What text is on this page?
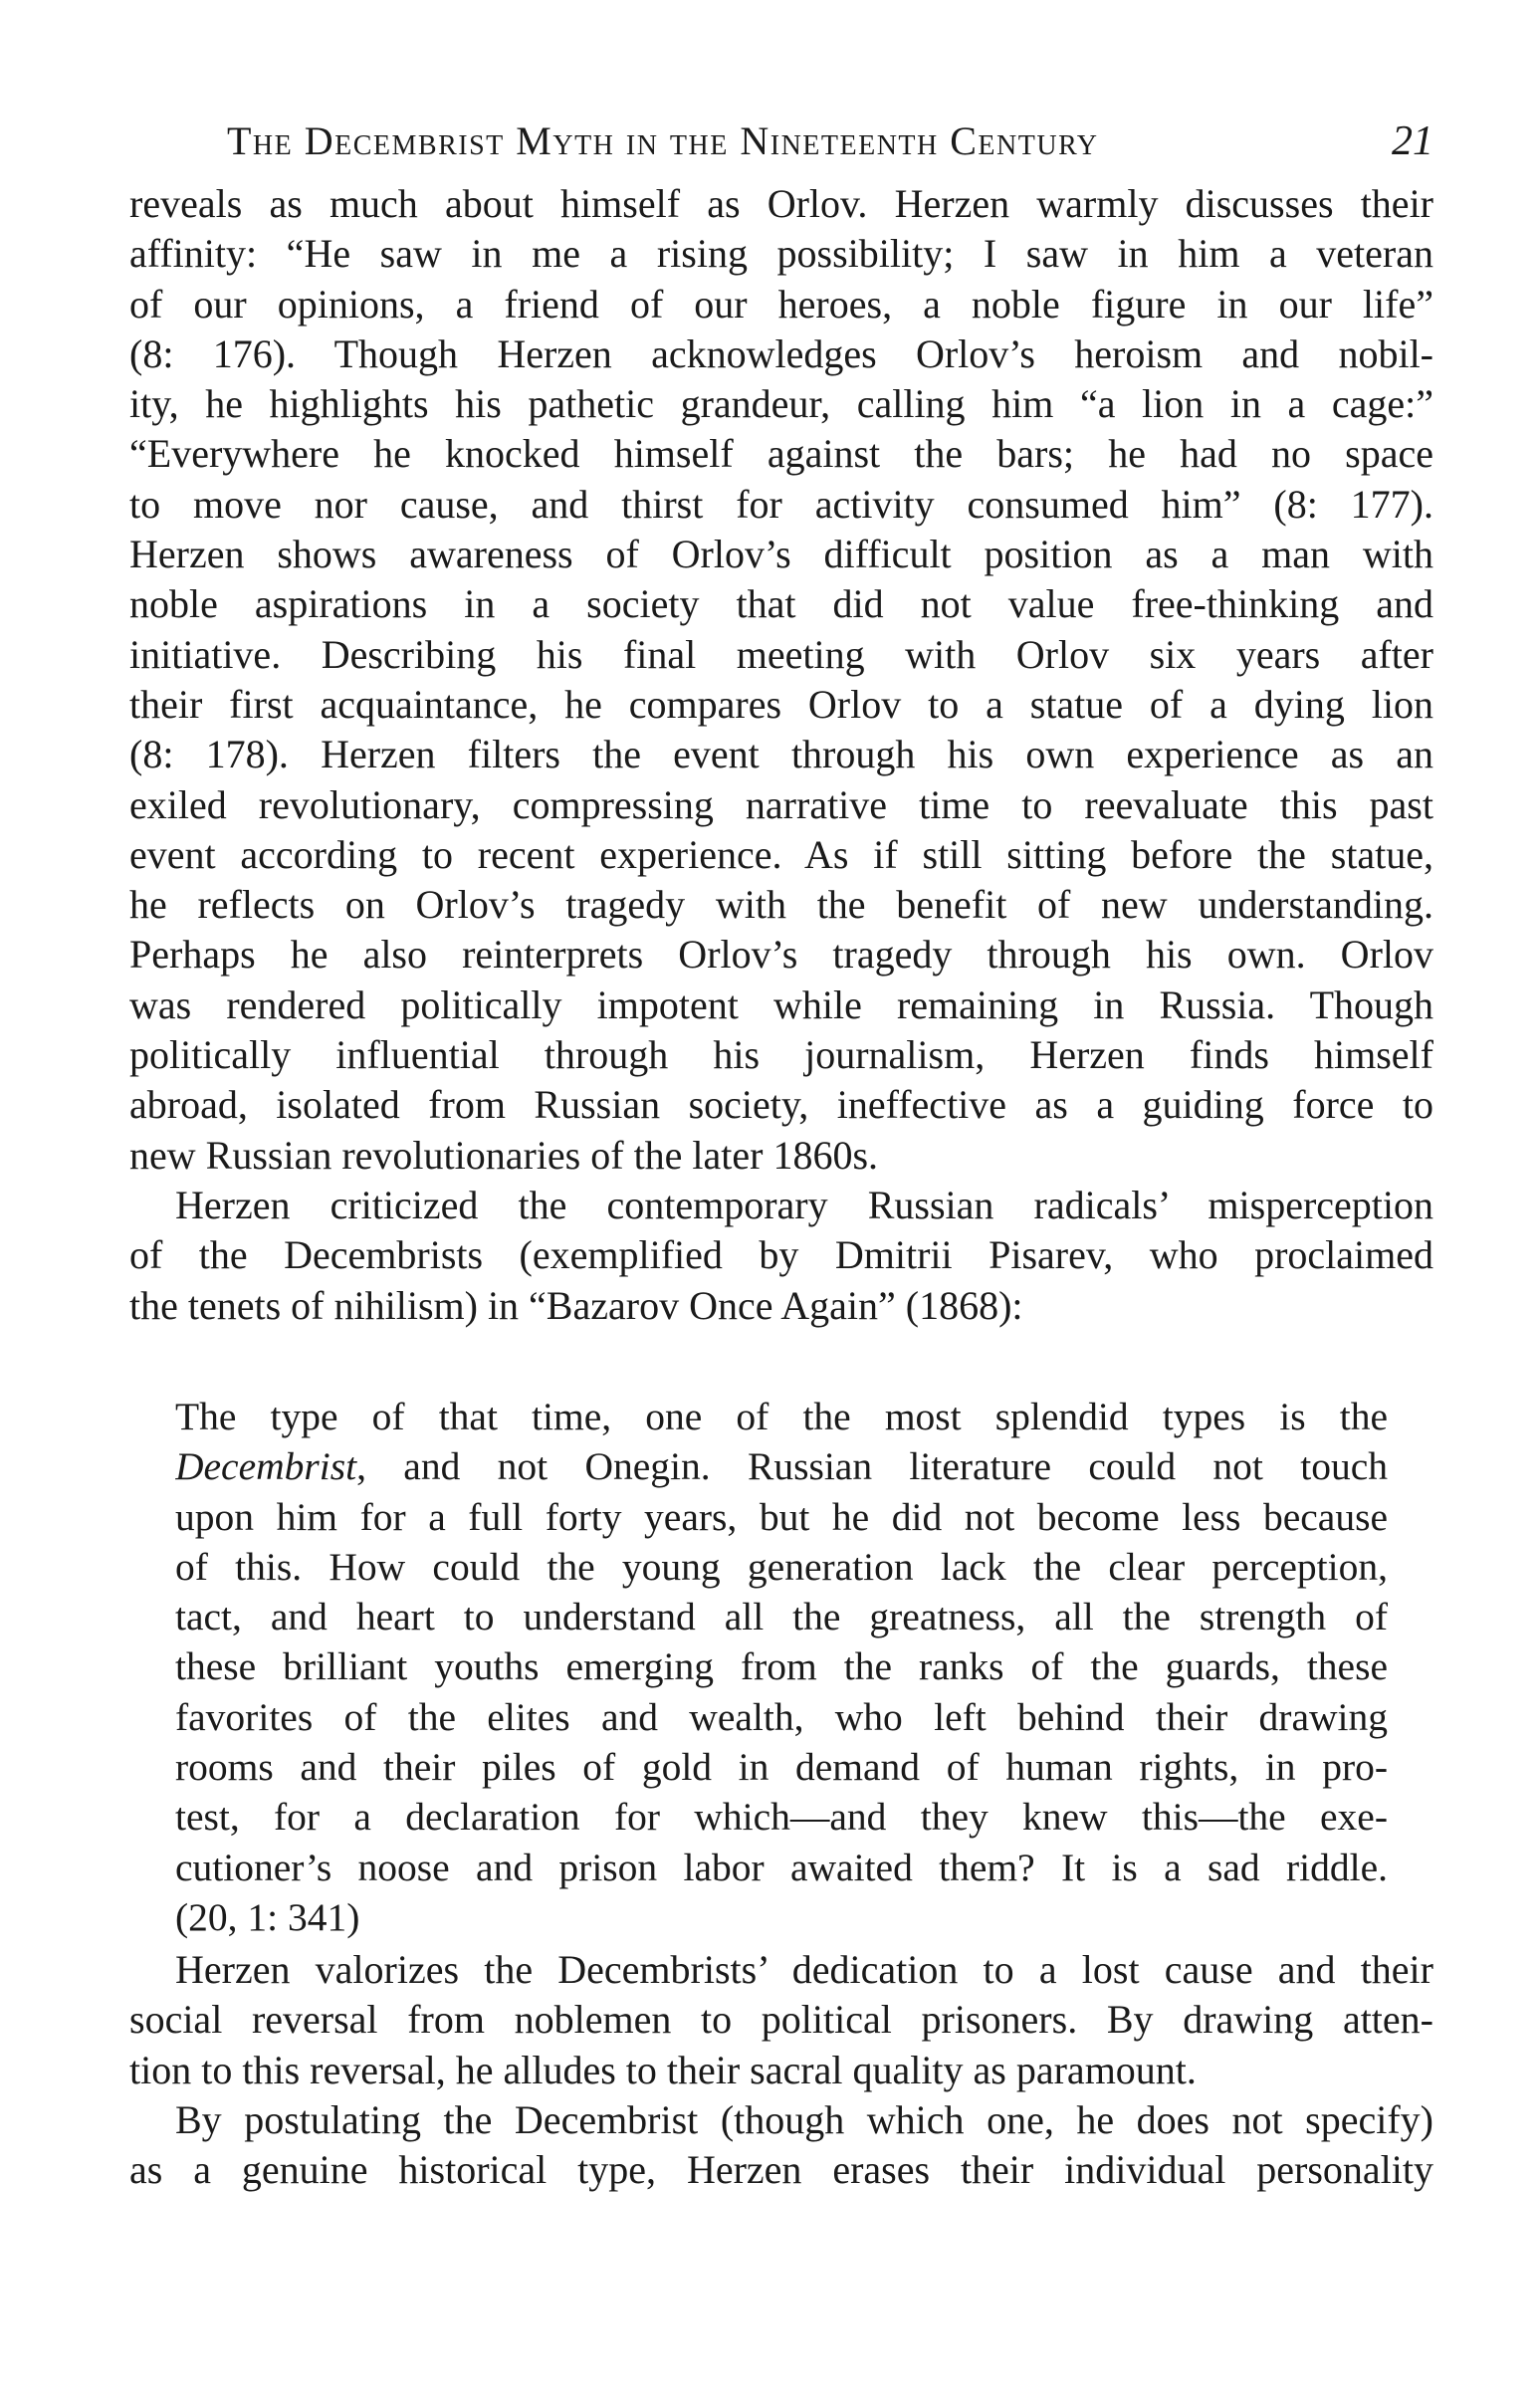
The Decembrist Myth in the Nineteenth Century	21
reveals as much about himself as Orlov. Herzen warmly discusses their
affinity: “He saw in me a rising possibility; I saw in him a veteran
of our opinions, a friend of our heroes, a noble figure in our life”
(8: 176). Though Herzen acknowledges Orlov’s heroism and nobil-
ity, he highlights his pathetic grandeur, calling him “a lion in a cage:”
“Everywhere he knocked himself against the bars; he had no space
to move nor cause, and thirst for activity consumed him” (8: 177).
Herzen shows awareness of Orlov’s difficult position as a man with
noble aspirations in a society that did not value free-thinking and
initiative. Describing his final meeting with Orlov six years after
their first acquaintance, he compares Orlov to a statue of a dying lion
(8: 178). Herzen filters the event through his own experience as an
exiled revolutionary, compressing narrative time to reevaluate this past
event according to recent experience. As if still sitting before the statue,
he reflects on Orlov’s tragedy with the benefit of new understanding.
Perhaps he also reinterprets Orlov’s tragedy through his own. Orlov
was rendered politically impotent while remaining in Russia. Though
politically influential through his journalism, Herzen finds himself
abroad, isolated from Russian society, ineffective as a guiding force to
new Russian revolutionaries of the later 1860s.
Herzen criticized the contemporary Russian radicals’ misperception
of the Decembrists (exemplified by Dmitrii Pisarev, who proclaimed
the tenets of nihilism) in “Bazarov Once Again” (1868):
The type of that time, one of the most splendid types is the
Decembrist, and not Onegin. Russian literature could not touch
upon him for a full forty years, but he did not become less because
of this. How could the young generation lack the clear perception,
tact, and heart to understand all the greatness, all the strength of
these brilliant youths emerging from the ranks of the guards, these
favorites of the elites and wealth, who left behind their drawing
rooms and their piles of gold in demand of human rights, in pro-
test, for a declaration for which—and they knew this—the exe-
cutioner’s noose and prison labor awaited them? It is a sad riddle.
(20, 1: 341)
Herzen valorizes the Decembrists’ dedication to a lost cause and their
social reversal from noblemen to political prisoners. By drawing atten-
tion to this reversal, he alludes to their sacral quality as paramount.
By postulating the Decembrist (though which one, he does not specify)
as a genuine historical type, Herzen erases their individual personality
